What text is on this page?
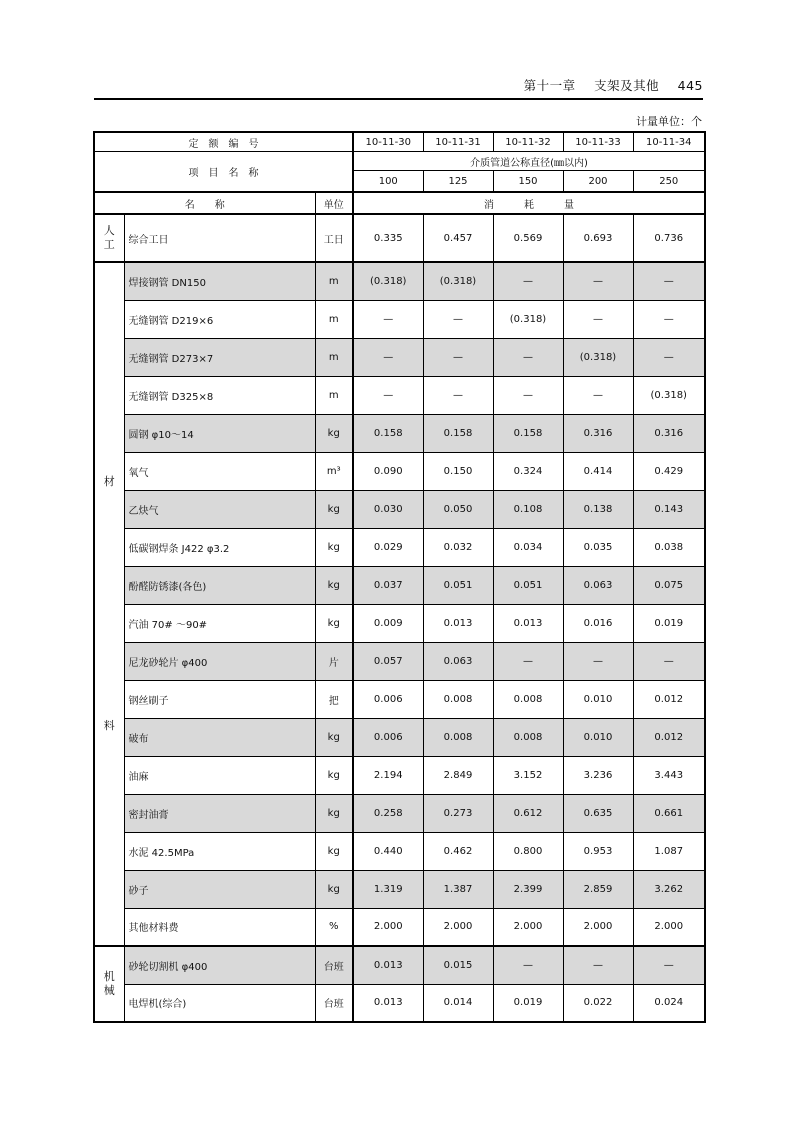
第十一章 支架及其他 445
计量单位：个
定　额　编　号			10-11-30	10-11-31	10-11-32	10-11-33	10-11-34
项　目　名　称			介质管道公称直径(㎜以内)				
			100	125	150	200	250
名　　称		单位	消　　　耗　　　量				

人
工	综合工日	工日	0.335	0.457	0.569	0.693	0.736

材
料	焊接钢管 DN150	m	(0.318)	(0.318)	—	—	—
	无缝钢管 D219×6	m	—	—	(0.318)	—	—
	无缝钢管 D273×7	m	—	—	—	(0.318)	—
	无缝钢管 D325×8	m	—	—	—	—	(0.318)
	圆钢 φ10～14	kg	0.158	0.158	0.158	0.316	0.316
	氧气	m³	0.090	0.150	0.324	0.414	0.429
	乙炔气	kg	0.030	0.050	0.108	0.138	0.143
	低碳钢焊条 J422 φ3.2	kg	0.029	0.032	0.034	0.035	0.038
	酚醛防锈漆(各色)	kg	0.037	0.051	0.051	0.063	0.075
	汽油 70# ～90#	kg	0.009	0.013	0.013	0.016	0.019
	尼龙砂轮片 φ400	片	0.057	0.063	—	—	—
	钢丝刷子	把	0.006	0.008	0.008	0.010	0.012
	破布	kg	0.006	0.008	0.008	0.010	0.012
	油麻	kg	2.194	2.849	3.152	3.236	3.443
	密封油膏	kg	0.258	0.273	0.612	0.635	0.661
	水泥 42.5MPa	kg	0.440	0.462	0.800	0.953	1.087
	砂子	kg	1.319	1.387	2.399	2.859	3.262
	其他材料费	%	2.000	2.000	2.000	2.000	2.000

机
械	砂轮切割机 φ400	台班	0.013	0.015	—	—	—
	电焊机(综合)	台班	0.013	0.014	0.019	0.022	0.024
